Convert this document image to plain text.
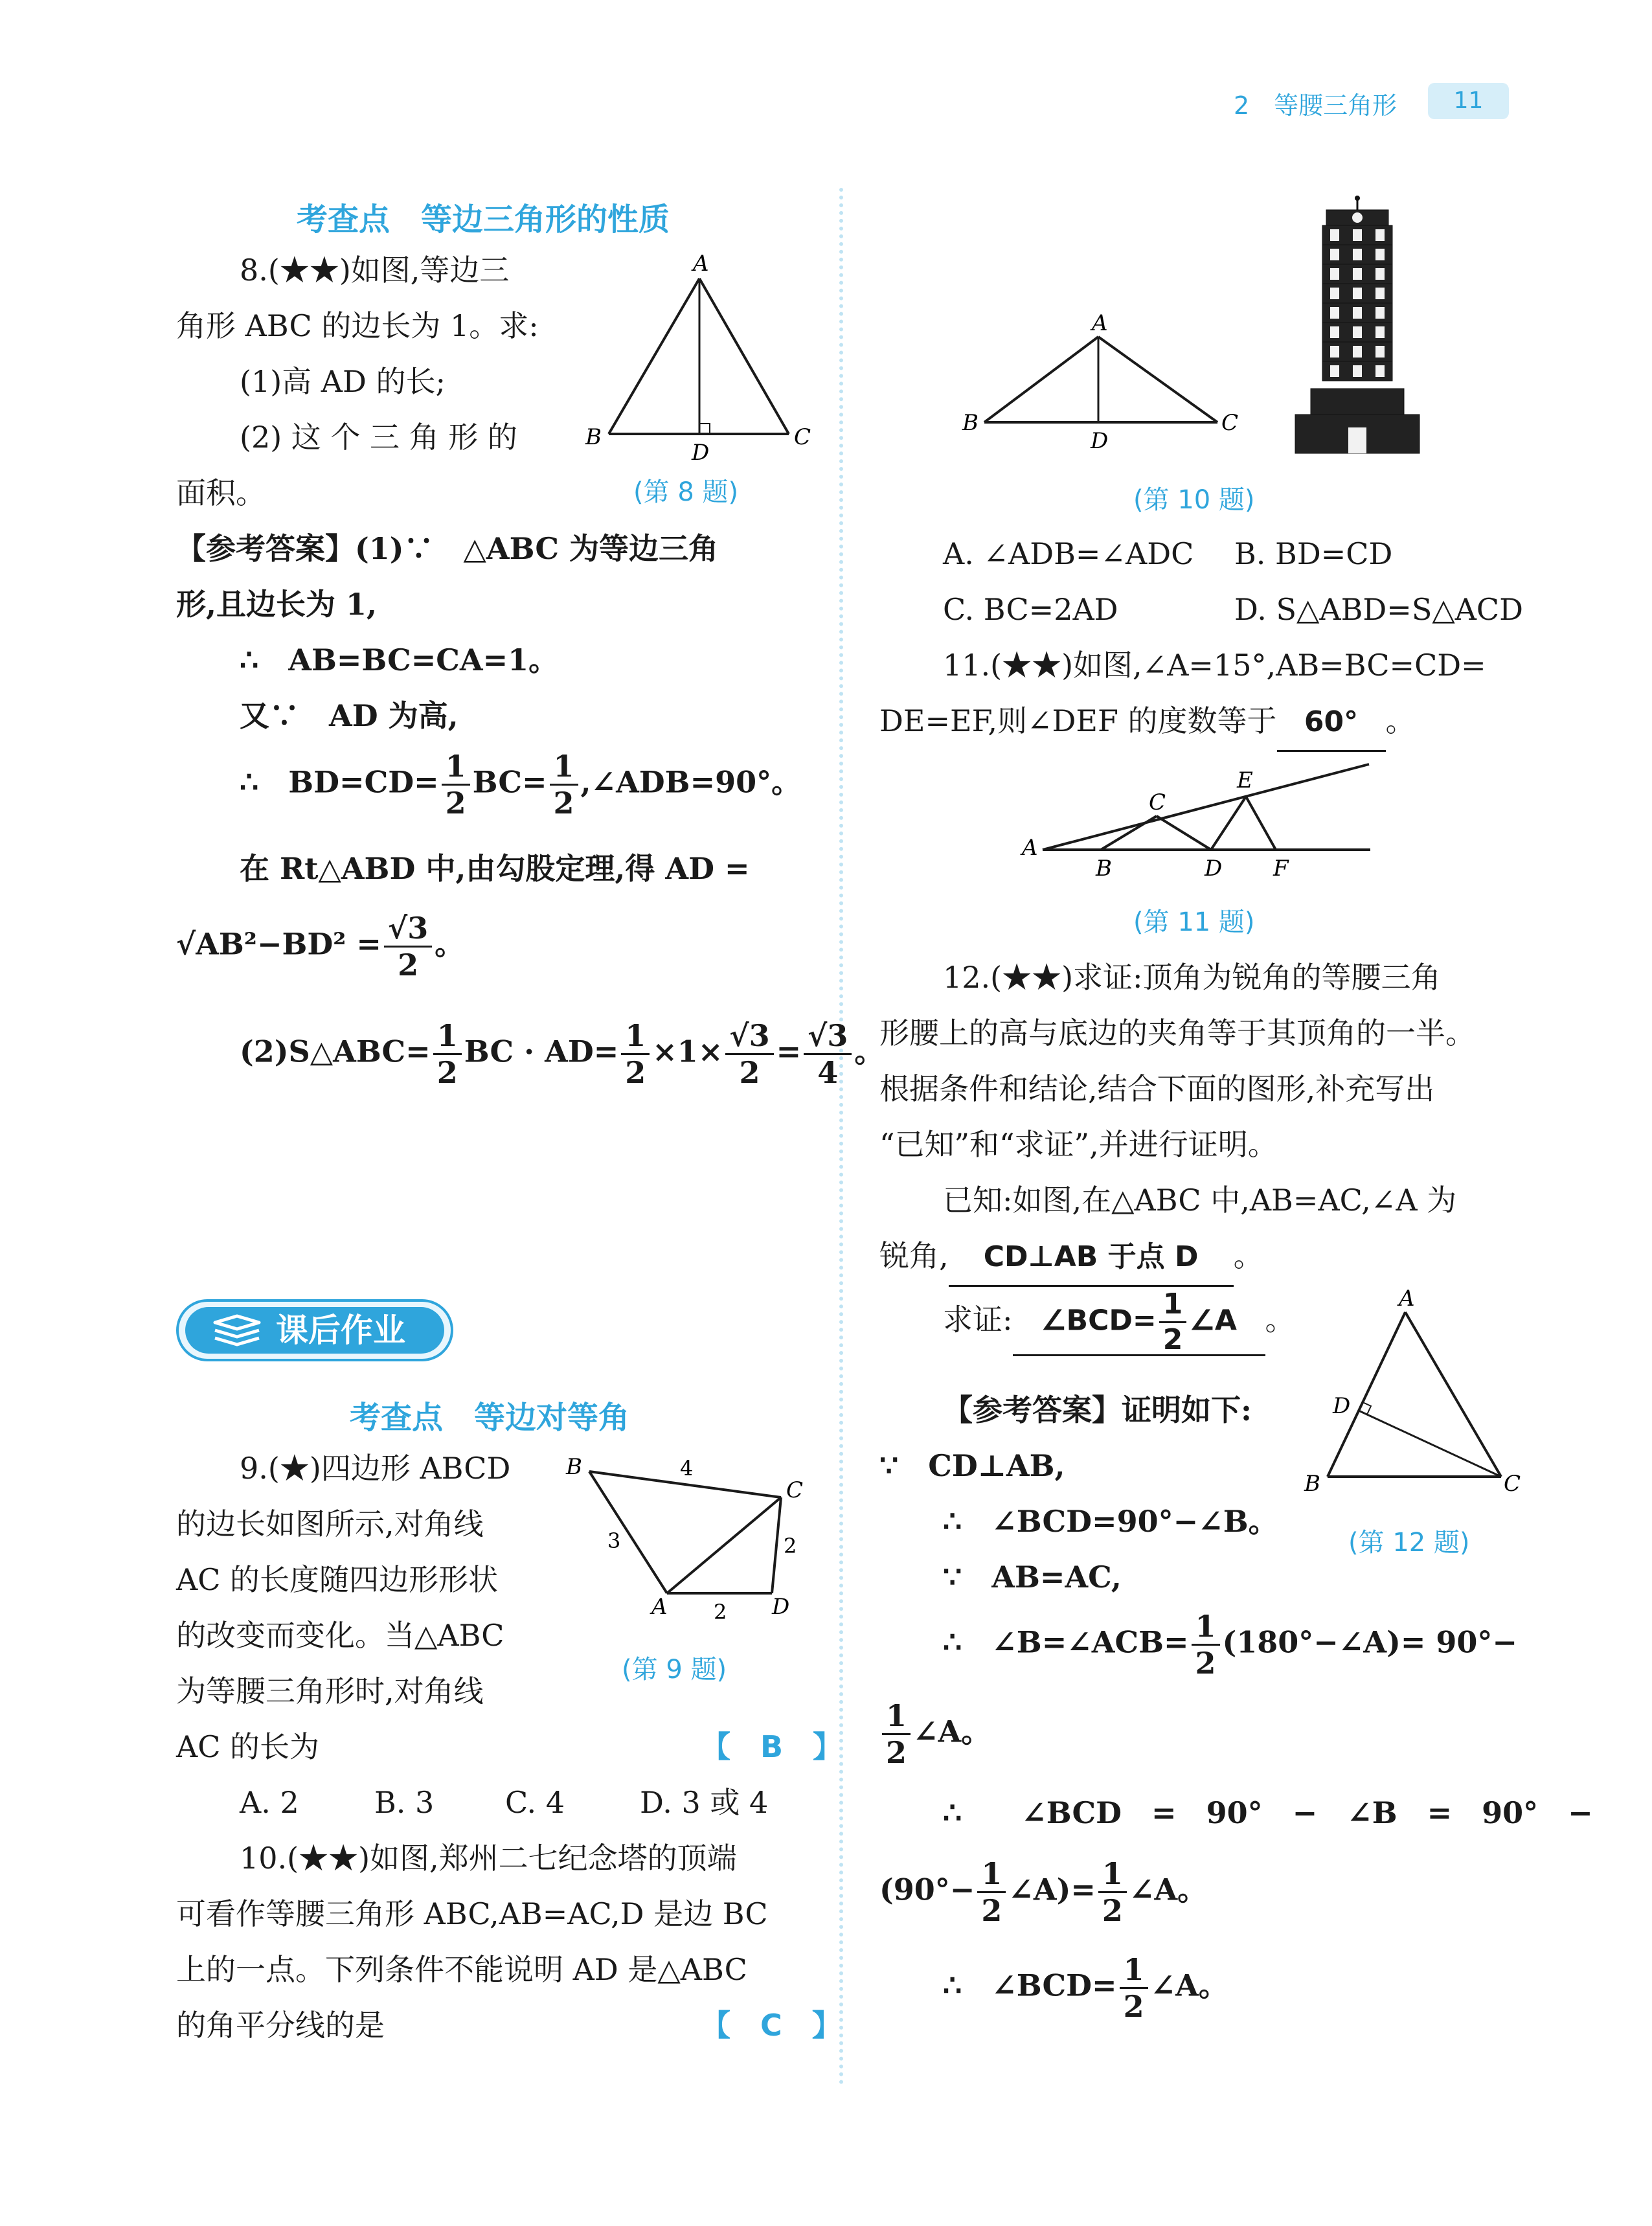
2　等腰三角形	11
考查点　等边三角形的性质
8.(★★)如图,等边三
角形 ABC 的边长为 1。求:
(1)高 AD 的长;
(2) 这 个 三 角 形 的
面积。
A
B	C
D
(第 8 题)
【参考答案】(1)∵　△ABC 为等边三角
形,且边长为 1,
∴　AB=BC=CA=1。
又∵　AD 为高,
∴　$BD=CD= \frac{1}{2} BC= \frac{1}{2}$ ,∠ADB=90°。
在 Rt△ABD 中,由勾股定理,得 AD =
$√AB^2-BD^2 = \frac{√3}{2}$ 。
(2)S△ABC= $\frac{1}{2}$ BC · $AD= \frac{1}{2} \times 1\times \frac{√3}{2} = \frac{√3}{4}$ 。
课后作业
考查点　等边对等角
9.(★)四边形 ABCD
的边长如图所示,对角线
AC 的长度随四边形形状
的改变而变化。当△ABC
为等腰三角形时,对角线
AC 的长为	【　B　】
B
C
A	D
4
3	2
2
(第 9 题)
A. 2	B. 3 C. 4	D. 3 或 4
10.(★★)如图,郑州二七纪念塔的顶端
可看作等腰三角形 ABC,AB=AC,D 是边 BC
上的一点。下列条件不能说明 AD 是△ABC
的角平分线的是	【　C　】
A
B	C
D
(第 10 题)
A. ∠ADB=∠ADC B. BD=CD
C. BC=2AD	D. S△ABD=S△ACD
11.(★★)如图,∠A=15°,AB=BC=CD=
DE=EF,则∠DEF 的度数等于 60° 。
A
B
C
D
E
F
(第 11 题)
12.(★★)求证:顶角为锐角的等腰三角
形腰上的高与底边的夹角等于其顶角的一半。
根据条件和结论,结合下面的图形,补充写出
“已知”和“求证”,并进行证明。
已知:如图,在△ABC 中,AB=AC,∠A 为
锐角, CD⊥AB 于点 D 。
求证: ∠BCD= $\frac{1}{2}$ ∠A 。
【参考答案】证明如下:
∵　CD⊥AB,
∴　∠BCD=90°−∠B。
∵　AB=AC,
∴　∠B=∠ACB= $\frac{1}{2}$ (180°−∠A)= 90°−
$\frac{1}{2}$ ∠A。
∴　　∠BCD　=　90°　−　∠B　=　90°　−
($90^\circ- \frac{1}{2}$ ∠A)= $\frac{1}{2}$ ∠A。
∴　∠BCD= $\frac{1}{2}$ ∠A。
A
D
B	C
(第 12 题)
